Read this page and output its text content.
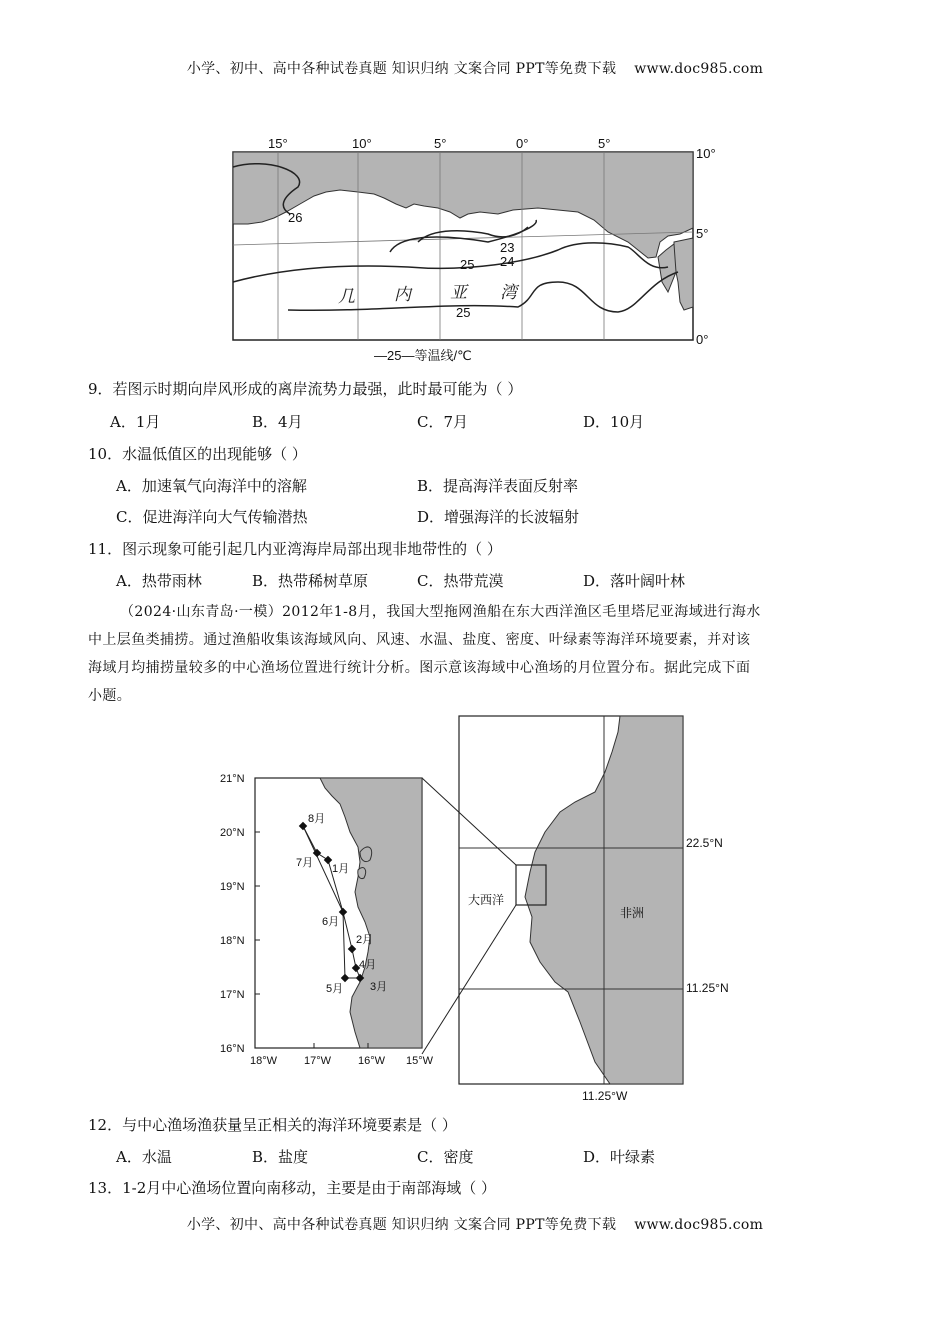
小学、初中、高中各种试卷真题 知识归纳 文案合同 PPT等免费下载 www.doc985.com
26
23
24
25
25
几 内 亚 湾
15°	10°	5°	0°	5°
10°
5°
0°
—25—等温线/℃
9．若图示时期向岸风形成的离岸流势力最强，此时最可能为（ ）
A．1月	B．4月	C．7月	D．10月
10．水温低值区的出现能够（ ）
A．加速氧气向海洋中的溶解	B．提高海洋表面反射率
C．促进海洋向大气传输潜热	D．增强海洋的长波辐射
11．图示现象可能引起几内亚湾海岸局部出现非地带性的（ ）
A．热带雨林	B．热带稀树草原	C．热带荒漠	D．落叶阔叶林
（2024·山东青岛·一模）2012年1-8月，我国大型拖网渔船在东大西洋渔区毛里塔尼亚海域进行海水
中上层鱼类捕捞。通过渔船收集该海域风向、风速、水温、盐度、密度、叶绿素等海洋环境要素，并对该
海域月均捕捞量较多的中心渔场位置进行统计分析。图示意该海域中心渔场的月位置分布。据此完成下面
小题。
大西洋
非洲
22.5°N
11.25°N
11.25°W
8月
7月 1月
6月
2月
4月
5月 3月
21°N
20°N
19°N
18°N
17°N
16°N
18°W 17°W 16°W 15°W
12．与中心渔场渔获量呈正相关的海洋环境要素是（ ）
A．水温	B．盐度	C．密度	D．叶绿素
13．1-2月中心渔场位置向南移动，主要是由于南部海域（ ）
小学、初中、高中各种试卷真题 知识归纳 文案合同 PPT等免费下载 www.doc985.com
